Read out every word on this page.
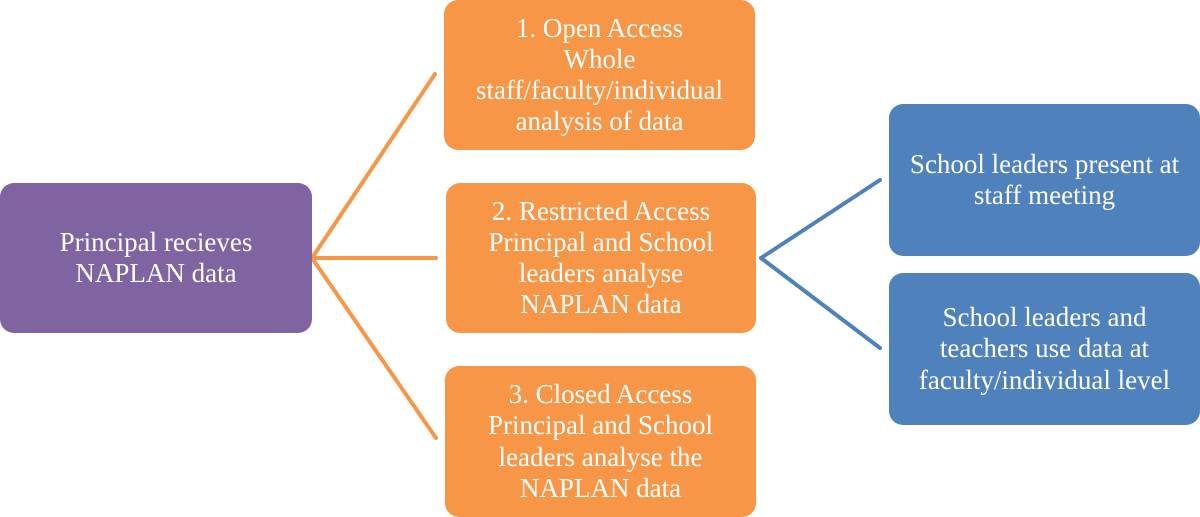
Principal recieves
NAPLAN data
1. Open Access
Whole
staff/faculty/individual
analysis of data
2. Restricted Access
Principal and School
leaders analyse
NAPLAN data
3. Closed Access
Principal and School
leaders analyse the
NAPLAN data
School leaders present at
staff meeting
School leaders and
teachers use data at
faculty/individual level
